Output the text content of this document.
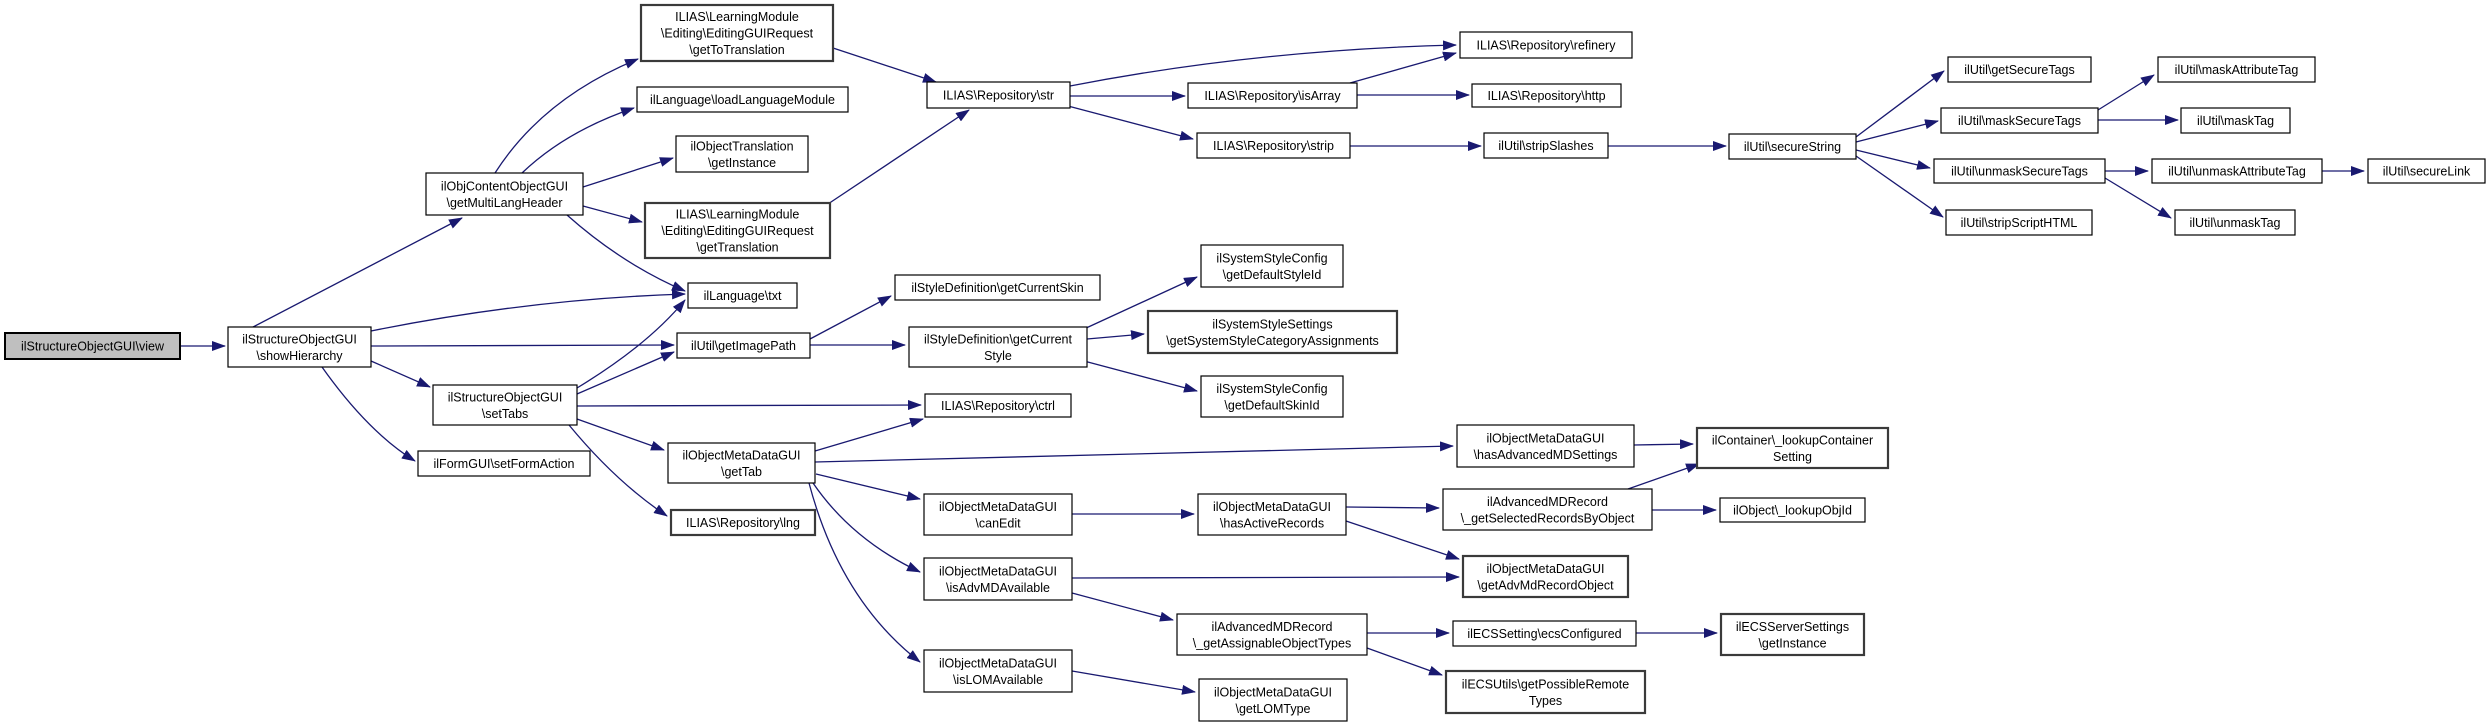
ilStructureObjectGUI\view
ilStructureObjectGUI
\showHierarchy
ilObjContentObjectGUI
\getMultiLangHeader
ILIAS\LearningModule
\Editing\EditingGUIRequest
\getToTranslation
ilLanguage\loadLanguageModule
ilObjectTranslation
\getInstance
ILIAS\LearningModule
\Editing\EditingGUIRequest
\getTranslation
ilLanguage\txt
ilUtil\getImagePath
ilStructureObjectGUI
\setTabs
ilFormGUI\setFormAction
ilObjectMetaDataGUI
\getTab
ILIAS\Repository\lng
ILIAS\Repository\str
ilStyleDefinition\getCurrentSkin
ilStyleDefinition\getCurrent
Style
ILIAS\Repository\ctrl
ilObjectMetaDataGUI
\canEdit
ilObjectMetaDataGUI
\isAdvMDAvailable
ilObjectMetaDataGUI
\isLOMAvailable
ILIAS\Repository\isArray
ILIAS\Repository\strip
ilSystemStyleConfig
\getDefaultStyleId
ilSystemStyleSettings
\getSystemStyleCategoryAssignments
ilSystemStyleConfig
\getDefaultSkinId
ilObjectMetaDataGUI
\hasActiveRecords
ilAdvancedMDRecord
\_getAssignableObjectTypes
ilObjectMetaDataGUI
\getLOMType
ILIAS\Repository\refinery
ILIAS\Repository\http
ilUtil\stripSlashes
ilObjectMetaDataGUI
\hasAdvancedMDSettings
ilAdvancedMDRecord
\_getSelectedRecordsByObject
ilObjectMetaDataGUI
\getAdvMdRecordObject
ilECSSetting\ecsConfigured
ilECSUtils\getPossibleRemote
Types
ilUtil\secureString
ilContainer\_lookupContainer
Setting
ilObject\_lookupObjId
ilECSServerSettings
\getInstance
ilUtil\getSecureTags
ilUtil\maskSecureTags
ilUtil\unmaskSecureTags
ilUtil\stripScriptHTML
ilUtil\maskAttributeTag
ilUtil\maskTag
ilUtil\unmaskAttributeTag
ilUtil\unmaskTag
ilUtil\secureLink
